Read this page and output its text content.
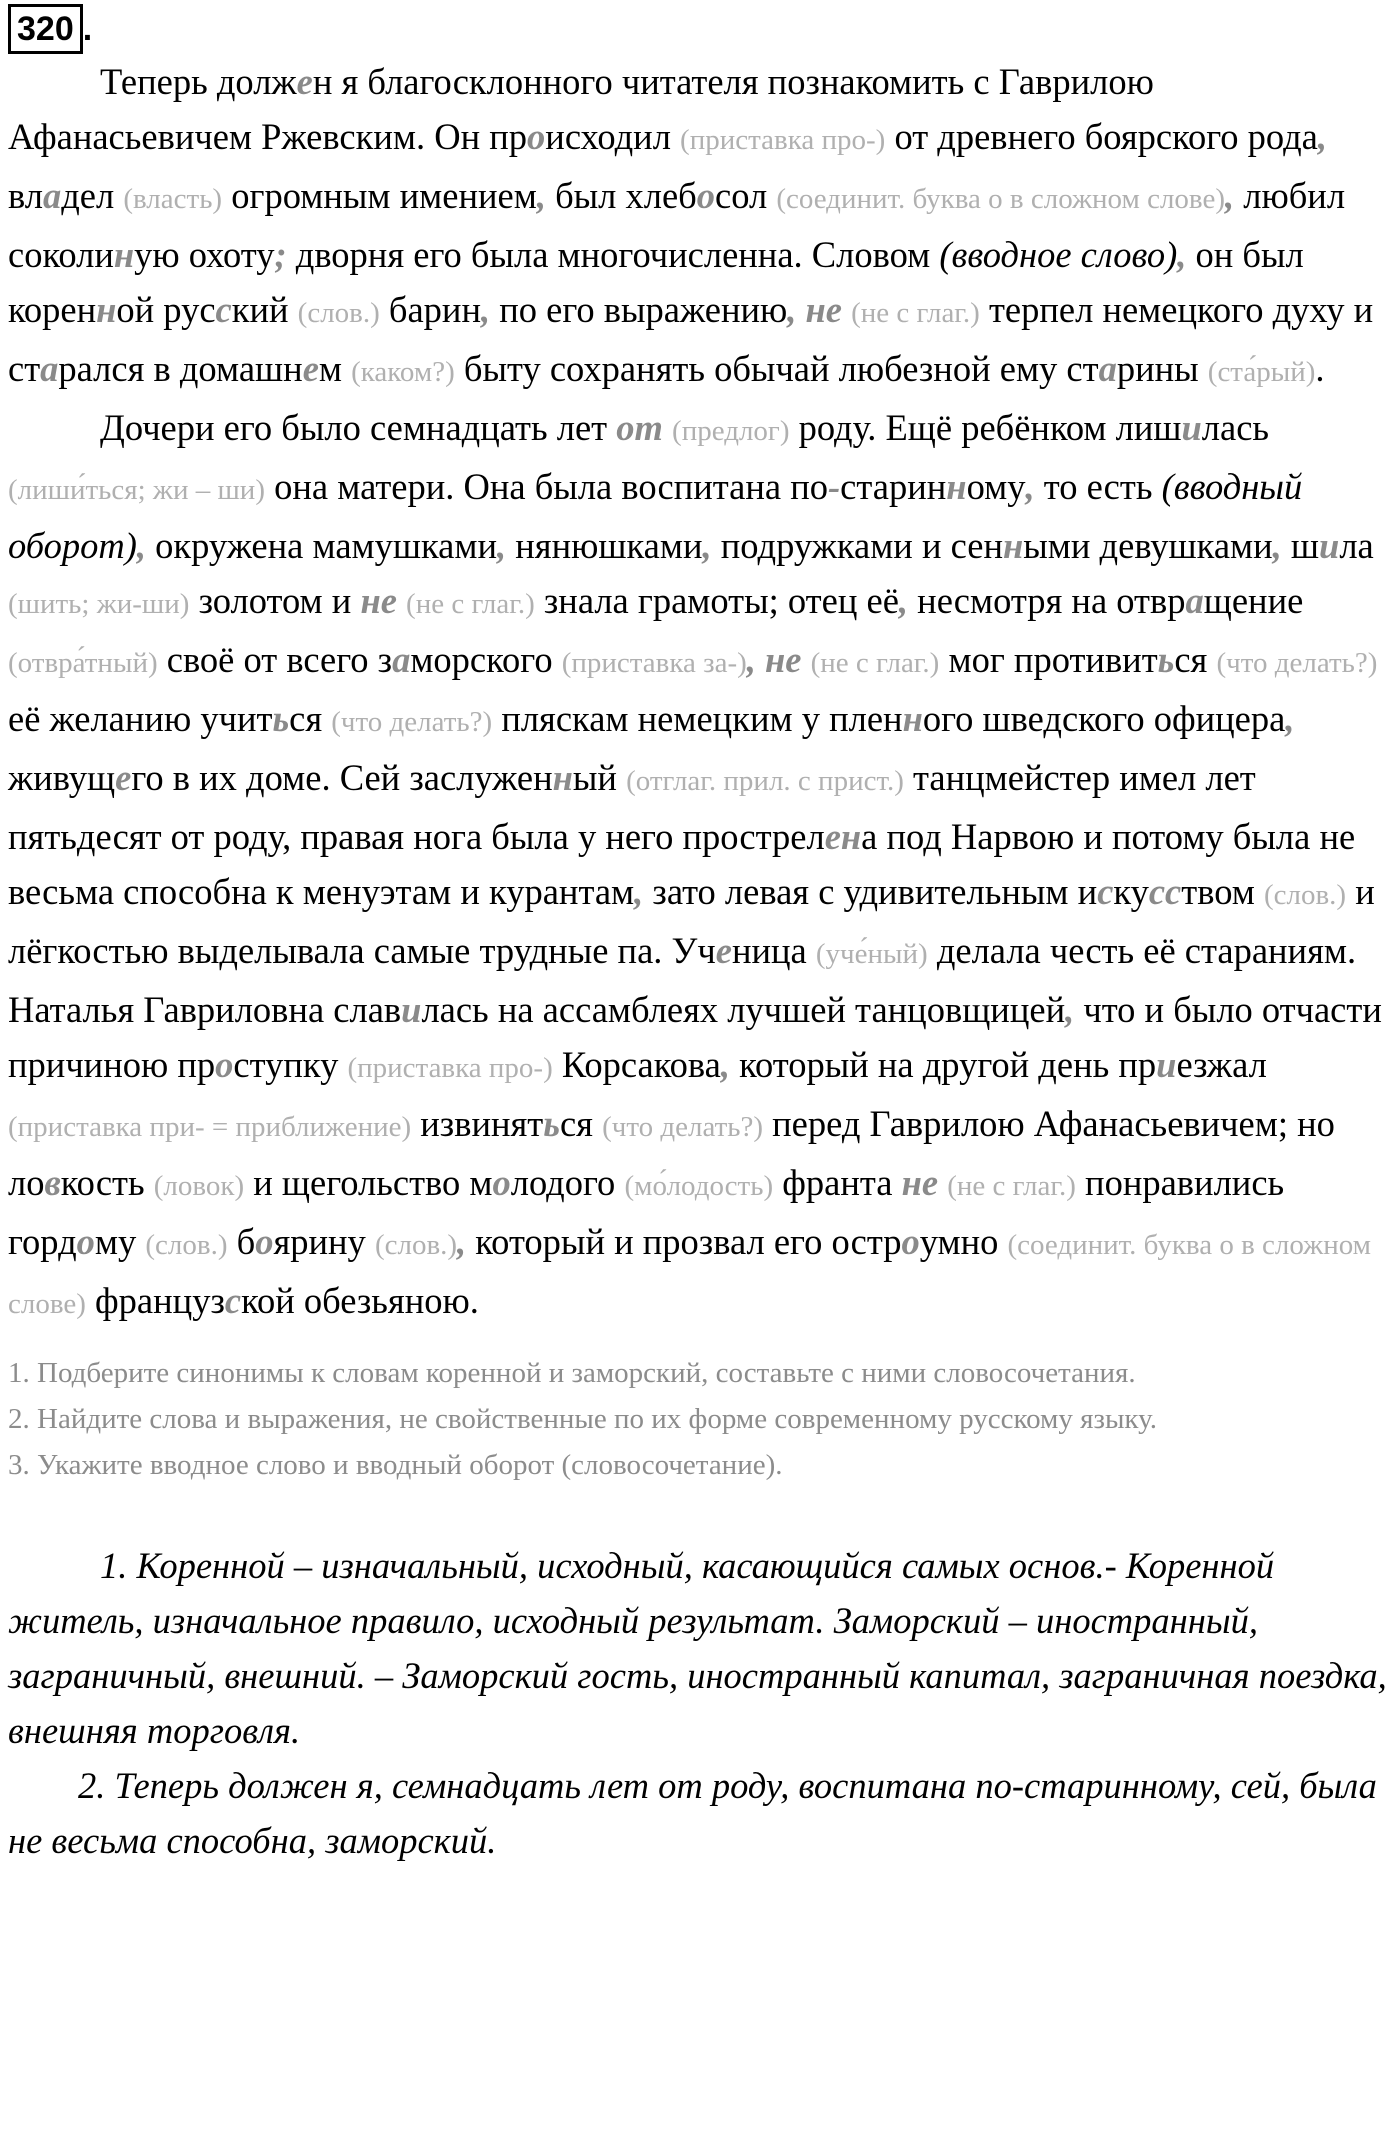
320 .

Теперь должен я благосклонного читателя познакомить с Гаврилою Афанасьевичем Ржевским. Он происходил (приставка про-) от древнего боярского рода, владел (власть) огромным имением, был хлебосол (соединит. буква о в сложном слове), любил соколиную охоту; дворня его была многочисленна. Словом (вводное слово), он был коренной русский (слов.) барин, по его выражению, не (не с глаг.) терпел немецкого духу и старался в домашнем (каком?) быту сохранять обычай любезной ему старины (ста́рый).

Дочери его было семнадцать лет от (предлог) роду. Ещё ребёнком лишилась (лиши́ться; жи – ши) она матери. Она была воспитана по-старинному, то есть (вводный оборот), окружена мамушками, нянюшками, подружками и сенными девушками, шила (шить; жи-ши) золотом и не (не с глаг.) знала грамоты; отец её, несмотря на отвращение (отвра́тный) своё от всего заморского (приставка за-), не (не с глаг.) мог противиться (что делать?) её желанию учиться (что делать?) пляскам немецким у пленного шведского офицера, живущего в их доме. Сей заслуженный (отглаг. прил. с прист.) танцмейстер имел лет пятьдесят от роду, правая нога была у него прострелена под Нарвою и потому была не весьма способна к менуэтам и курантам, зато левая с удивительным искусством (слов.) и лёгкостью выделывала самые трудные па. Ученица (уче́ный) делала честь её стараниям. Наталья Гавриловна славилась на ассамблеях лучшей танцовщицей, что и было отчасти причиною проступку (приставка про-) Корсакова, который на другой день приезжал (приставка при- = приближение) извиняться (что делать?) перед Гаврилою Афанасьевичем; но ловкость (ловок) и щегольство молодого (мо́лодость) франта не (не с глаг.) понравились гордому (слов.) боярину (слов.), который и прозвал его остроумно (соединит. буква о в сложном слове) французской обезьяною.

1. Подберите синонимы к словам коренной и заморский, составьте с ними словосочетания.

2. Найдите слова и выражения, не свойственные по их форме современному русскому языку.

3. Укажите вводное слово и вводный оборот (словосочетание).

1. Коренной – изначальный, исходный, касающийся самых основ.- Коренной житель, изначальное правило, исходный результат. Заморский – иностранный, заграничный, внешний. – Заморский гость, иностранный капитал, заграничная поездка, внешняя торговля.

2. Теперь должен я, семнадцать лет от роду, воспитана по-старинному, сей, была не весьма способна, заморский.
